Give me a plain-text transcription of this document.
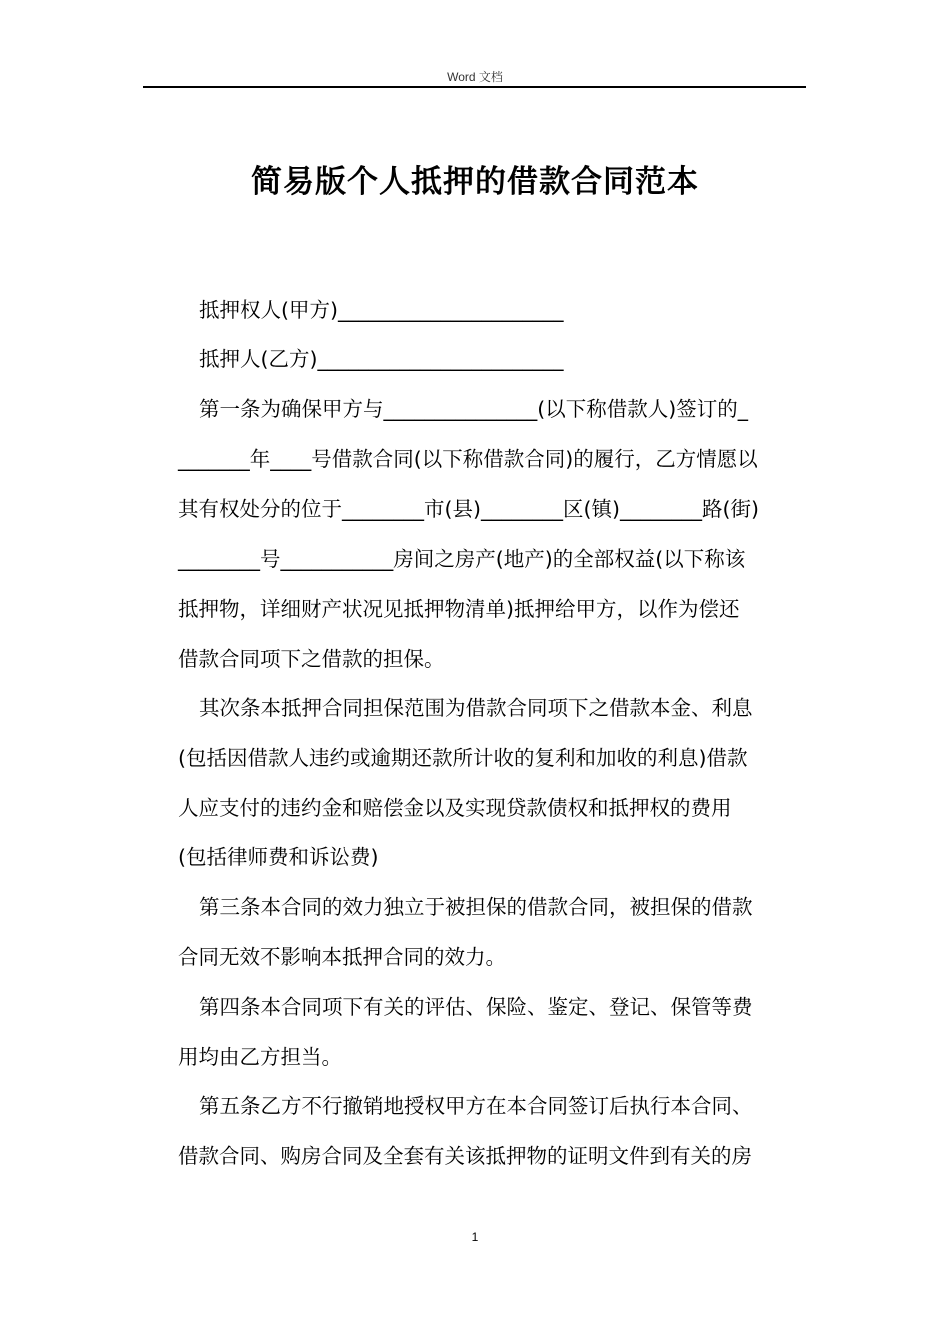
Word 文档
简易版个人抵押的借款合同范本
抵押权人(甲方)______________________
抵押人(乙方)________________________
第一条为确保甲方与_______________(以下称借款人)签订的_
_______年____号借款合同(以下称借款合同)的履行，乙方情愿以
其有权处分的位于________市(县)________区(镇)________路(街)
________号___________房间之房产(地产)的全部权益(以下称该
抵押物，详细财产状况见抵押物清单)抵押给甲方，以作为偿还
借款合同项下之借款的担保。
其次条本抵押合同担保范围为借款合同项下之借款本金、利息
(包括因借款人违约或逾期还款所计收的复利和加收的利息)借款
人应支付的违约金和赔偿金以及实现贷款债权和抵押权的费用
(包括律师费和诉讼费)
第三条本合同的效力独立于被担保的借款合同，被担保的借款
合同无效不影响本抵押合同的效力。
第四条本合同项下有关的评估、保险、鉴定、登记、保管等费
用均由乙方担当。
第五条乙方不行撤销地授权甲方在本合同签订后执行本合同、
借款合同、购房合同及全套有关该抵押物的证明文件到有关的房
1
